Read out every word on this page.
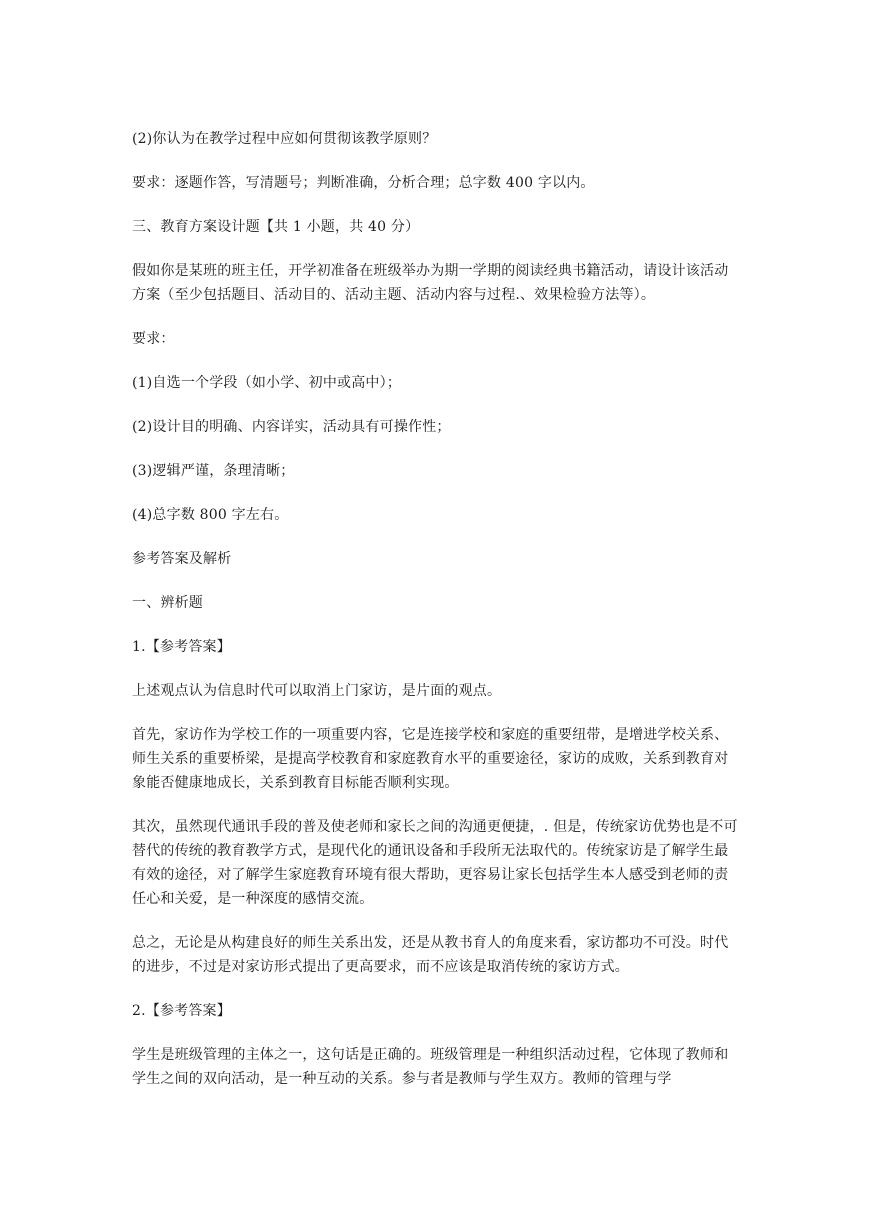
(2)你认为在教学过程中应如何贯彻该教学原则？

要求：逐题作答，写清题号；判断准确，分析合理；总字数 400 字以内。

三、教育方案设计题【共 1 小题，共 40 分）

假如你是某班的班主任，开学初准备在班级举办为期一学期的阅读经典书籍活动，请设计该活动方案（至少包括题目、活动目的、活动主题、活动内容与过程.、效果检验方法等）。

要求：

(1)自选一个学段（如小学、初中或高中）；

(2)设计目的明确、内容详实，活动具有可操作性；

(3)逻辑严谨，条理清晰；

(4)总字数 800 字左右。

参考答案及解析

一、辨析题

1.【参考答案】

上述观点认为信息时代可以取消上门家访，是片面的观点。

首先，家访作为学校工作的一项重要内容，它是连接学校和家庭的重要纽带，是增进学校关系、师生关系的重要桥梁，是提高学校教育和家庭教育水平的重要途径，家访的成败，关系到教育对象能否健康地成长，关系到教育目标能否顺利实现。

其次，虽然现代通讯手段的普及使老师和家长之间的沟通更便捷，. 但是，传统家访优势也是不可替代的传统的教育教学方式，是现代化的通讯设备和手段所无法取代的。传统家访是了解学生最有效的途径，对了解学生家庭教育环境有很大帮助，更容易让家长包括学生本人感受到老师的责任心和关爱，是一种深度的感情交流。

总之，无论是从构建良好的师生关系出发，还是从教书育人的角度来看，家访都功不可没。时代的进步，不过是对家访形式提出了更高要求，而不应该是取消传统的家访方式。

2.【参考答案】

学生是班级管理的主体之一，这句话是正确的。班级管理是一种组织活动过程，它体现了教师和学生之间的双向活动，是一种互动的关系。参与者是教师与学生双方。教师的管理与学
